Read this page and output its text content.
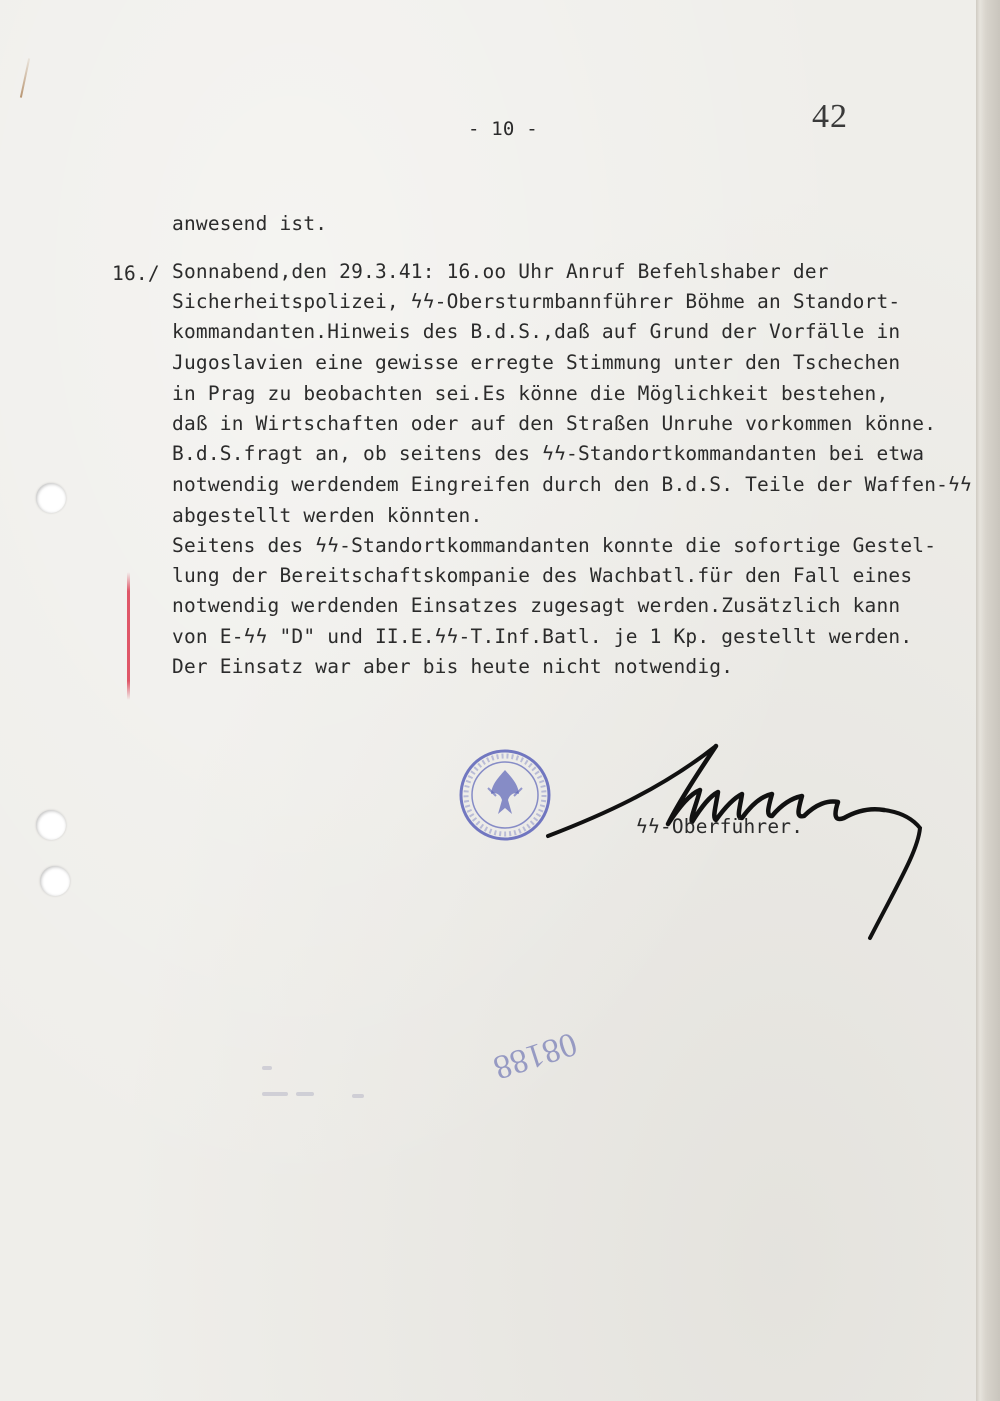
- 10 -	42
anwesend ist.
16./ Sonnabend,den 29.3.41: 16.oo Uhr Anruf Befehlshaber der
Sicherheitspolizei, ϟϟ-Obersturmbannführer Böhme an Standort-
kommandanten.Hinweis des B.d.S.,daß auf Grund der Vorfälle in
Jugoslavien eine gewisse erregte Stimmung unter den Tschechen
in Prag zu beobachten sei.Es könne die Möglichkeit bestehen,
daß in Wirtschaften oder auf den Straßen Unruhe vorkommen könne.
B.d.S.fragt an, ob seitens des ϟϟ-Standortkommandanten bei etwa
notwendig werdendem Eingreifen durch den B.d.S. Teile der Waffen-ϟϟ
abgestellt werden könnten.
Seitens des ϟϟ-Standortkommandanten konnte die sofortige Gestel-
lung der Bereitschaftskompanie des Wachbatl.für den Fall eines
notwendig werdenden Einsatzes zugesagt werden.Zusätzlich kann
von E-ϟϟ "D" und II.E.ϟϟ-T.Inf.Batl. je 1 Kp. gestellt werden.
Der Einsatz war aber bis heute nicht notwendig.
ϟϟ-Oberführer.
08188
